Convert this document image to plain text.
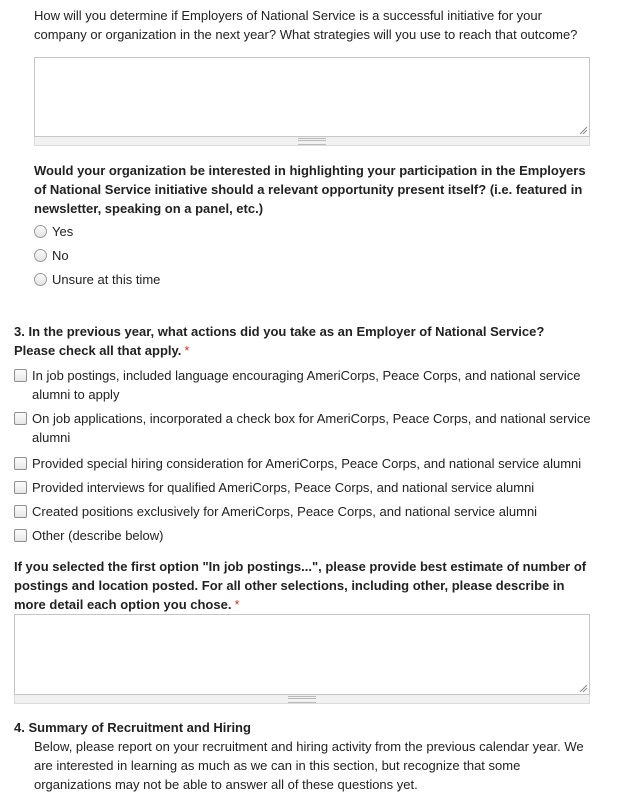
How will you determine if Employers of National Service is a successful initiative for your company or organization in the next year? What strategies will you use to reach that outcome?
Would your organization be interested in highlighting your participation in the Employers of National Service initiative should a relevant opportunity present itself? (i.e. featured in newsletter, speaking on a panel, etc.)
Yes
No
Unsure at this time
3. In the previous year, what actions did you take as an Employer of National Service? Please check all that apply. *
In job postings, included language encouraging AmeriCorps, Peace Corps, and national service alumni to apply
On job applications, incorporated a check box for AmeriCorps, Peace Corps, and national service alumni
Provided special hiring consideration for AmeriCorps, Peace Corps, and national service alumni
Provided interviews for qualified AmeriCorps, Peace Corps, and national service alumni
Created positions exclusively for AmeriCorps, Peace Corps, and national service alumni
Other (describe below)
If you selected the first option "In job postings...", please provide best estimate of number of postings and location posted. For all other selections, including other, please describe in more detail each option you chose. *
4. Summary of Recruitment and Hiring
Below, please report on your recruitment and hiring activity from the previous calendar year. We are interested in learning as much as we can in this section, but recognize that some organizations may not be able to answer all of these questions yet.
